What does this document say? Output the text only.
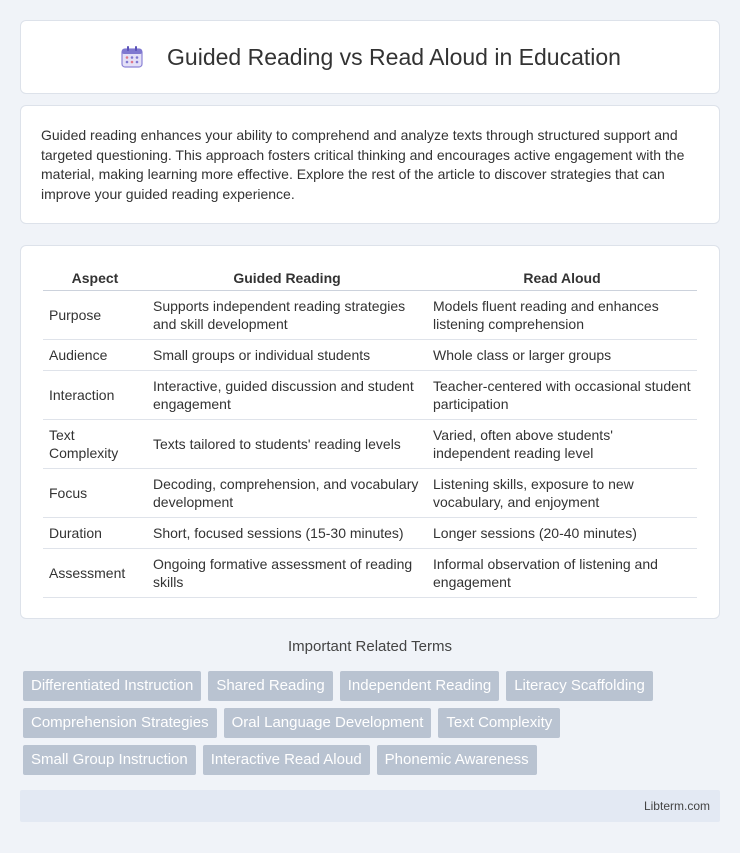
Guided Reading vs Read Aloud in Education

Guided reading enhances your ability to comprehend and analyze texts through structured support and targeted questioning. This approach fosters critical thinking and encourages active engagement with the material, making learning more effective. Explore the rest of the article to discover strategies that can improve your guided reading experience.

Aspect	Guided Reading	Read Aloud
Purpose	Supports independent reading strategies and skill development	Models fluent reading and enhances listening comprehension
Audience	Small groups or individual students	Whole class or larger groups
Interaction	Interactive, guided discussion and student engagement	Teacher-centered with occasional student participation
Text Complexity	Texts tailored to students' reading levels	Varied, often above students' independent reading level
Focus	Decoding, comprehension, and vocabulary development	Listening skills, exposure to new vocabulary, and enjoyment
Duration	Short, focused sessions (15-30 minutes)	Longer sessions (20-40 minutes)
Assessment	Ongoing formative assessment of reading skills	Informal observation of listening and engagement
Important Related Terms
Differentiated Instruction	Shared Reading	Independent Reading	Literacy Scaffolding
Comprehension Strategies	Oral Language Development	Text Complexity
Small Group Instruction	Interactive Read Aloud	Phonemic Awareness
Libterm.com
